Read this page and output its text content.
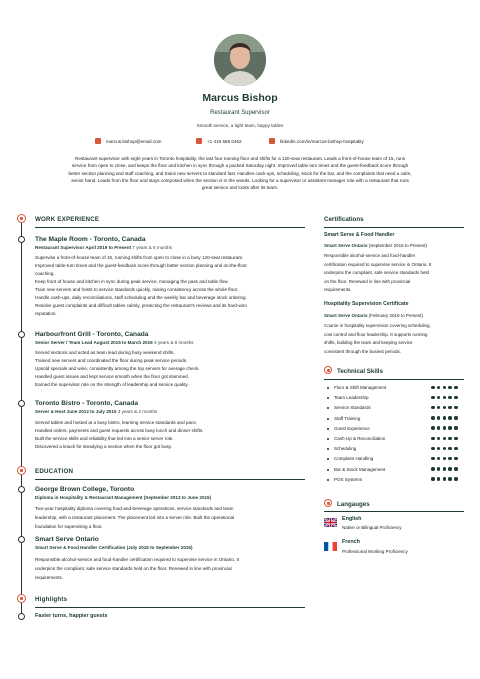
Marcus Bishop
Restaurant Supervisor
Smooth service, a tight team, happy tables
marcus.bishop@email.com	+1 416 555 0462	linkedin.com/in/marcus-bishop-hospitality
Restaurant supervisor with eight years in Toronto hospitality, the last four running floor and shifts for a 120-seat restaurant. Leads a front-of-house team of 15, runs
service from open to close, and keeps the floor and kitchen in sync through a packed Saturday night. Improved table turn times and the guest-feedback score through
better section planning and staff coaching, and trains new servers to standard fast. Handles cash-ups, scheduling, stock for the bar, and the complaints that need a calm,
senior hand. Leads from the floor and stays composed when the section is in the weeds. Looking for a supervisor or assistant-manager role with a restaurant that runs
great service and looks after its team.
WORK EXPERIENCE
The Maple Room - Toronto, Canada
Restaurant Supervisor April 2019 to Present 7 years & 5 months
Supervise a front-of-house team of 15, running shifts from open to close in a busy 120-seat restaurant.
Improved table-turn times and the guest-feedback score through better section planning and on-the-floor
coaching.
Keep front of house and kitchen in sync during peak service, managing the pass and table flow.
Train new servers and hosts to service standards quickly, raising consistency across the whole floor.
Handle cash-ups, daily reconciliations, staff scheduling and the weekly bar and beverage stock ordering.
Resolve guest complaints and difficult tables calmly, protecting the restaurant's reviews and its hard-won
reputation.
Harbourfront Grill - Toronto, Canada
Senior Server / Team Lead August 2015 to March 2019 3 years & 8 months
Served sections and acted as team lead during busy weekend shifts.
Trained new servers and coordinated the floor during peak service periods.
Upsold specials and wine, consistently among the top servers for average check.
Handled guest issues and kept service smooth when the floor got slammed.
Earned the supervisor role on the strength of leadership and service quality.
Toronto Bistro - Toronto, Canada
Server & Host June 2012 to July 2015 3 years & 2 months
Served tables and hosted at a busy bistro, learning service standards and pace.
Handled orders, payments and guest requests across busy lunch and dinner shifts.
Built the service skills and reliability that led into a senior server role.
Discovered a knack for steadying a section when the floor got busy.
EDUCATION
George Brown College, Toronto
Diploma in Hospitality & Restaurant Management (September 2013 to June 2015)
Two-year hospitality diploma covering food-and-beverage operations, service standards and team
leadership, with a restaurant placement. The placement led into a server role. Built the operational
foundation for supervising a floor.
Smart Serve Ontario
Smart Serve & Food Handler Certification (July 2015 to September 2015)
Responsible alcohol-service and food-handler certification required to supervise service in Ontario. It
underpins the compliant, safe service standards held on the floor. Renewed in line with provincial
requirements.
Highlights
Faster turns, happier guests
Certifications
Smart Serve & Food Handler
Smart Serve Ontario (September 2015 to Present)
Responsible alcohol-service and food-handler
certification required to supervise service in Ontario. It
underpins the compliant, safe service standards held
on the floor. Renewed in line with provincial
requirements.
Hospitality Supervision Certificate
Smart Serve Ontario (February 2019 to Present)
Course in hospitality supervision covering scheduling,
cost control and floor leadership. It supports running
shifts, building the team and keeping service
consistent through the busiest periods.
Technical Skills
Floor & Shift Management
Team Leadership
Service Standards
Staff Training
Guest Experience
Cash-Up & Reconciliation
Scheduling
Complaint Handling
Bar & Stock Management
POS Systems
Langauges
English
Native or Bilingual Proficiency
French
Professional Working Proficiency
